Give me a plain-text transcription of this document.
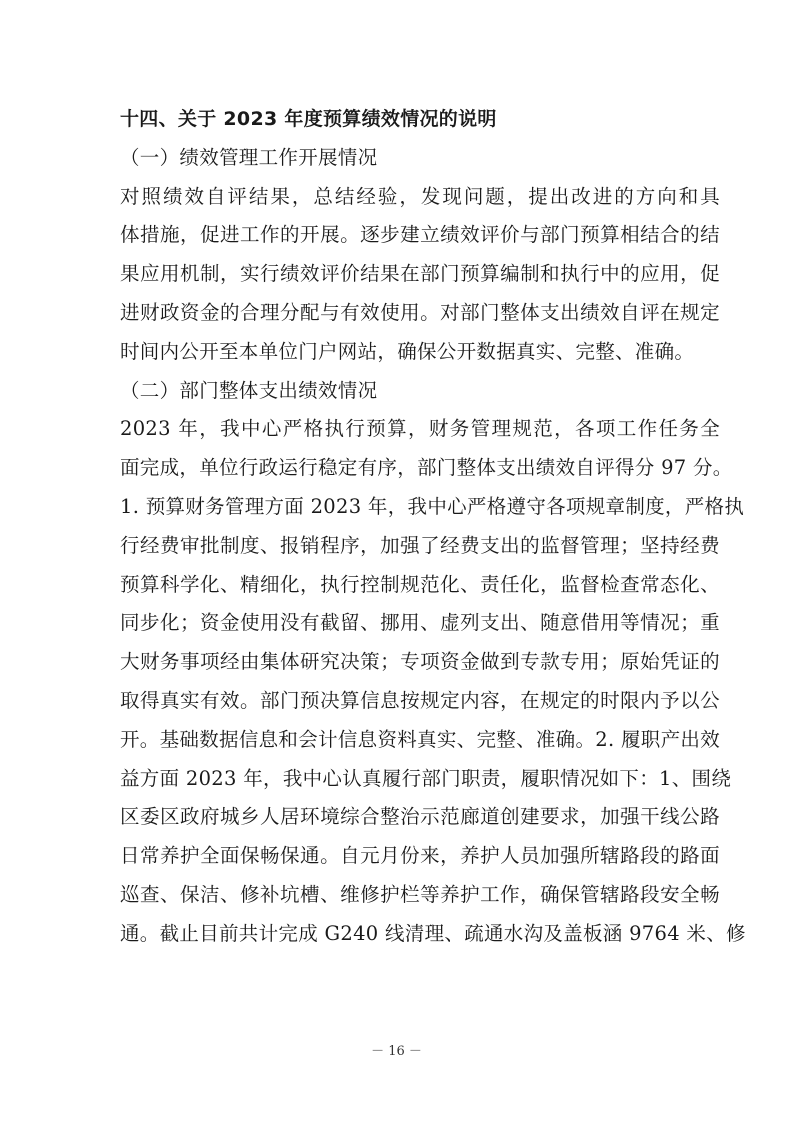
十四、关于 2023 年度预算绩效情况的说明
（一）绩效管理工作开展情况
对照绩效自评结果，总结经验，发现问题，提出改进的方向和具
体措施，促进工作的开展。逐步建立绩效评价与部门预算相结合的结
果应用机制，实行绩效评价结果在部门预算编制和执行中的应用，促
进财政资金的合理分配与有效使用。对部门整体支出绩效自评在规定
时间内公开至本单位门户网站，确保公开数据真实、完整、准确。
（二）部门整体支出绩效情况
2023 年，我中心严格执行预算，财务管理规范，各项工作任务全
面完成，单位行政运行稳定有序，部门整体支出绩效自评得分 97 分。
1. 预算财务管理方面 2023 年，我中心严格遵守各项规章制度，严格执
行经费审批制度、报销程序，加强了经费支出的监督管理；坚持经费
预算科学化、精细化，执行控制规范化、责任化，监督检查常态化、
同步化；资金使用没有截留、挪用、虚列支出、随意借用等情况；重
大财务事项经由集体研究决策；专项资金做到专款专用；原始凭证的
取得真实有效。部门预决算信息按规定内容，在规定的时限内予以公
开。基础数据信息和会计信息资料真实、完整、准确。2. 履职产出效
益方面 2023 年，我中心认真履行部门职责，履职情况如下：1、围绕
区委区政府城乡人居环境综合整治示范廊道创建要求，加强干线公路
日常养护全面保畅保通。自元月份来，养护人员加强所辖路段的路面
巡查、保洁、修补坑槽、维修护栏等养护工作，确保管辖路段安全畅
通。截止目前共计完成 G240 线清理、疏通水沟及盖板涵 9764 米、修
－ 16 －
